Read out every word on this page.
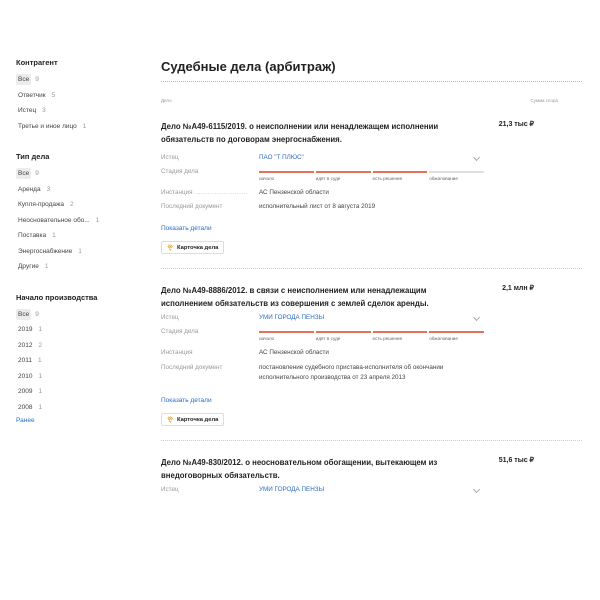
Контрагент
Все 9
Ответчик 5
Истец 3
Третье и иное лицо 1
Тип дела
Все 9
Аренда 3
Купля-продажа 2
Неосновательное обо... 1
Поставка 1
Энергоснабжение 1
Другие 1
Начало производства
Все 9
2019 1
2012 2
2011 1
2010 1
2009 1
2008 1
Ранее
Судебные дела (арбитраж)
Дело	Сумма спора
Дело №А49-6115/2019. о неисполнении или ненадлежащем исполнении обязательств по договорам энергоснабжения.
21,3 тыс ₽
Истец	ПАО "Т ПЛЮС"
Стадия дела
начало	идёт в суде	есть решение	обжалование
Инстанция ........................	АС Пензенской области
Последний документ	исполнительный лист от 8 августа 2019
Показать детали
Карточка дела
Дело №А49-8886/2012. в связи с неисполнением или ненадлежащим исполнением обязательств из совершения с землей сделок аренды.
2,1 млн ₽
Истец	УМИ ГОРОДА ПЕНЗЫ
Стадия дела
начало	идёт в суде	есть решение	обжалование
Инстанция	АС Пензенской области
Последний документ	постановление судебного пристава-исполнителя об окончании исполнительного производства от 23 апреля 2013
Показать детали
Карточка дела
Дело №А49-830/2012. о неосновательном обогащении, вытекающем из внедоговорных обязательств.
51,6 тыс ₽
Истец	УМИ ГОРОДА ПЕНЗЫ
